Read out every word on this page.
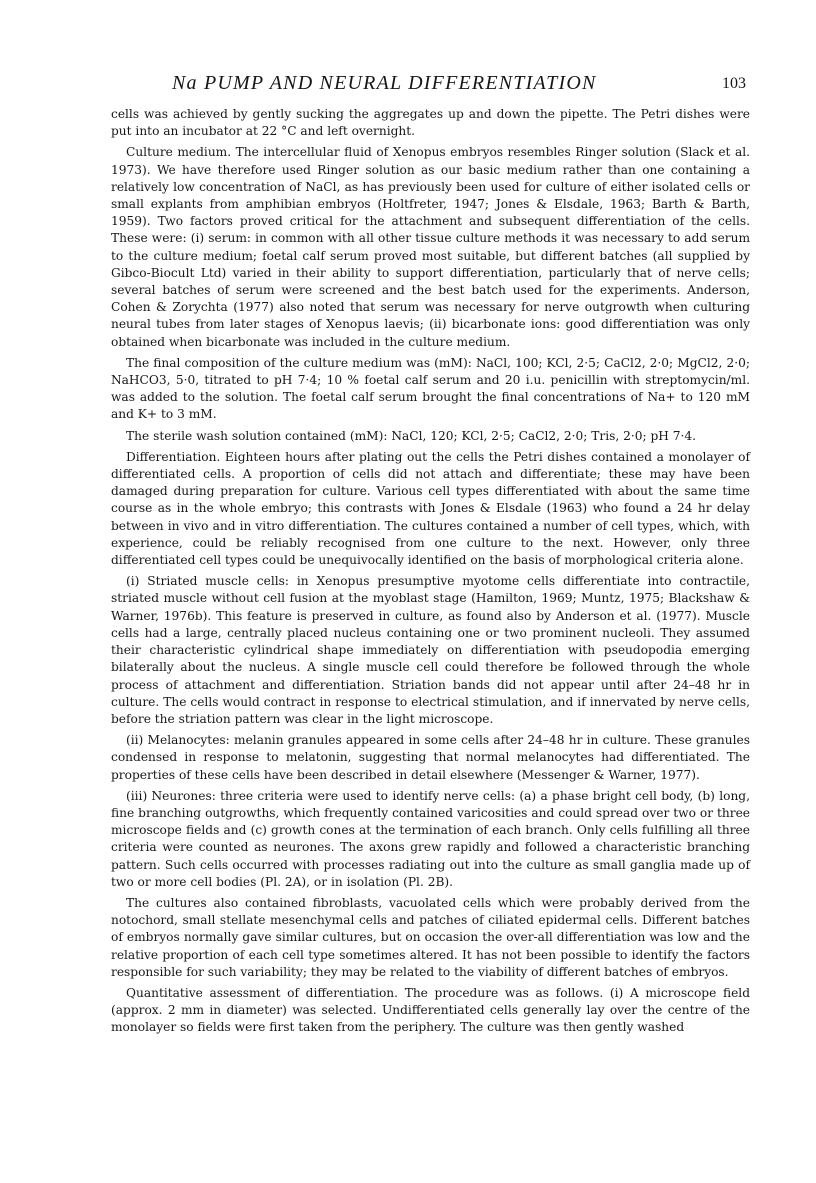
Na PUMP AND NEURAL DIFFERENTIATION	103

cells was achieved by gently sucking the aggregates up and down the pipette. The Petri dishes were put into an incubator at 22 °C and left overnight.

Culture medium. The intercellular fluid of Xenopus embryos resembles Ringer solution (Slack et al. 1973). We have therefore used Ringer solution as our basic medium rather than one containing a relatively low concentration of NaCl, as has previously been used for culture of either isolated cells or small explants from amphibian embryos (Holtfreter, 1947; Jones & Elsdale, 1963; Barth & Barth, 1959). Two factors proved critical for the attachment and subsequent differentiation of the cells. These were: (i) serum: in common with all other tissue culture methods it was necessary to add serum to the culture medium; foetal calf serum proved most suitable, but different batches (all supplied by Gibco-Biocult Ltd) varied in their ability to support differentiation, particularly that of nerve cells; several batches of serum were screened and the best batch used for the experiments. Anderson, Cohen & Zorychta (1977) also noted that serum was necessary for nerve outgrowth when culturing neural tubes from later stages of Xenopus laevis; (ii) bicarbonate ions: good differentiation was only obtained when bicarbonate was included in the culture medium.

The final composition of the culture medium was (mM): NaCl, 100; KCl, 2·5; CaCl2, 2·0; MgCl2, 2·0; NaHCO3, 5·0, titrated to pH 7·4; 10 % foetal calf serum and 20 i.u. penicillin with streptomycin/ml. was added to the solution. The foetal calf serum brought the final concentrations of Na+ to 120 mM and K+ to 3 mM.

The sterile wash solution contained (mM): NaCl, 120; KCl, 2·5; CaCl2, 2·0; Tris, 2·0; pH 7·4.

Differentiation. Eighteen hours after plating out the cells the Petri dishes contained a monolayer of differentiated cells. A proportion of cells did not attach and differentiate; these may have been damaged during preparation for culture. Various cell types differentiated with about the same time course as in the whole embryo; this contrasts with Jones & Elsdale (1963) who found a 24 hr delay between in vivo and in vitro differentiation. The cultures contained a number of cell types, which, with experience, could be reliably recognised from one culture to the next. However, only three differentiated cell types could be unequivocally identified on the basis of morphological criteria alone.

(i) Striated muscle cells: in Xenopus presumptive myotome cells differentiate into contractile, striated muscle without cell fusion at the myoblast stage (Hamilton, 1969; Muntz, 1975; Blackshaw & Warner, 1976b). This feature is preserved in culture, as found also by Anderson et al. (1977). Muscle cells had a large, centrally placed nucleus containing one or two prominent nucleoli. They assumed their characteristic cylindrical shape immediately on differentiation with pseudopodia emerging bilaterally about the nucleus. A single muscle cell could therefore be followed through the whole process of attachment and differentiation. Striation bands did not appear until after 24–48 hr in culture. The cells would contract in response to electrical stimulation, and if innervated by nerve cells, before the striation pattern was clear in the light microscope.

(ii) Melanocytes: melanin granules appeared in some cells after 24–48 hr in culture. These granules condensed in response to melatonin, suggesting that normal melanocytes had differentiated. The properties of these cells have been described in detail elsewhere (Messenger & Warner, 1977).

(iii) Neurones: three criteria were used to identify nerve cells: (a) a phase bright cell body, (b) long, fine branching outgrowths, which frequently contained varicosities and could spread over two or three microscope fields and (c) growth cones at the termination of each branch. Only cells fulfilling all three criteria were counted as neurones. The axons grew rapidly and followed a characteristic branching pattern. Such cells occurred with processes radiating out into the culture as small ganglia made up of two or more cell bodies (Pl. 2A), or in isolation (Pl. 2B).

The cultures also contained fibroblasts, vacuolated cells which were probably derived from the notochord, small stellate mesenchymal cells and patches of ciliated epidermal cells. Different batches of embryos normally gave similar cultures, but on occasion the over-all differentiation was low and the relative proportion of each cell type sometimes altered. It has not been possible to identify the factors responsible for such variability; they may be related to the viability of different batches of embryos.

Quantitative assessment of differentiation. The procedure was as follows. (i) A microscope field (approx. 2 mm in diameter) was selected. Undifferentiated cells generally lay over the centre of the monolayer so fields were first taken from the periphery. The culture was then gently washed
